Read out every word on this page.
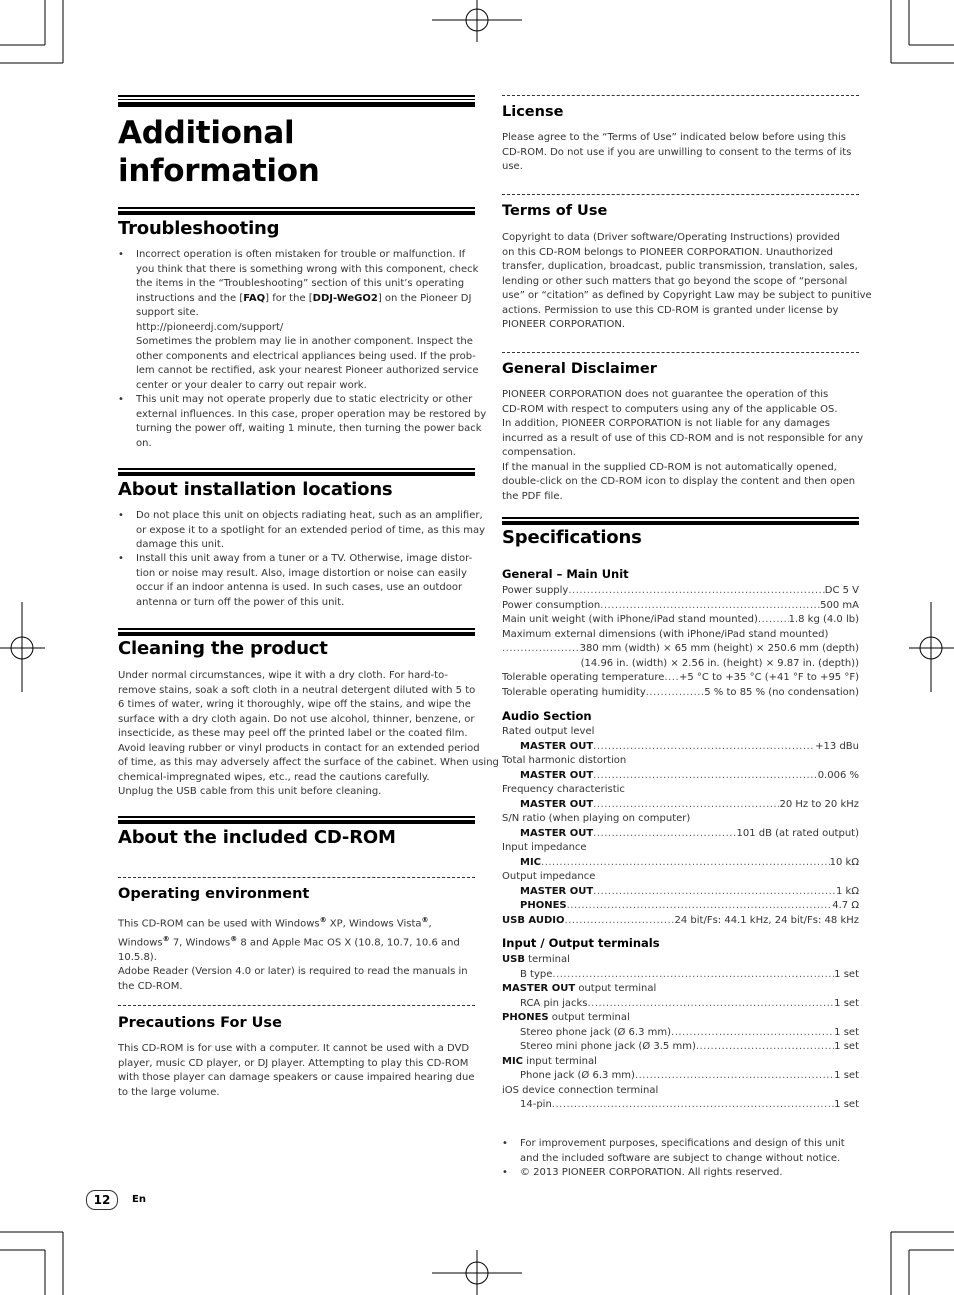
Additional
information
Troubleshooting
• Incorrect operation is often mistaken for trouble or malfunction. If
you think that there is something wrong with this component, check
the items in the “Troubleshooting” section of this unit’s operating
instructions and the [FAQ] for the [DDJ-WeGO2] on the Pioneer DJ
support site.
http://pioneerdj.com/support/
Sometimes the problem may lie in another component. Inspect the
other components and electrical appliances being used. If the prob-
lem cannot be rectified, ask your nearest Pioneer authorized service
center or your dealer to carry out repair work.
• This unit may not operate properly due to static electricity or other
external influences. In this case, proper operation may be restored by
turning the power off, waiting 1 minute, then turning the power back
on.
About installation locations
• Do not place this unit on objects radiating heat, such as an amplifier,
or expose it to a spotlight for an extended period of time, as this may
damage this unit.
• Install this unit away from a tuner or a TV. Otherwise, image distor-
tion or noise may result. Also, image distortion or noise can easily
occur if an indoor antenna is used. In such cases, use an outdoor
antenna or turn off the power of this unit.
Cleaning the product
Under normal circumstances, wipe it with a dry cloth. For hard-to-
remove stains, soak a soft cloth in a neutral detergent diluted with 5 to
6 times of water, wring it thoroughly, wipe off the stains, and wipe the
surface with a dry cloth again. Do not use alcohol, thinner, benzene, or
insecticide, as these may peel off the printed label or the coated film.
Avoid leaving rubber or vinyl products in contact for an extended period
of time, as this may adversely affect the surface of the cabinet. When using
chemical-impregnated wipes, etc., read the cautions carefully.
Unplug the USB cable from this unit before cleaning.
About the included CD-ROM
Operating environment
This CD-ROM can be used with Windows® XP, Windows Vista®,
Windows® 7, Windows® 8 and Apple Mac OS X (10.8, 10.7, 10.6 and
10.5.8).
Adobe Reader (Version 4.0 or later) is required to read the manuals in
the CD-ROM.
Precautions For Use
This CD-ROM is for use with a computer. It cannot be used with a DVD
player, music CD player, or DJ player. Attempting to play this CD-ROM
with those player can damage speakers or cause impaired hearing due
to the large volume.
License
Please agree to the “Terms of Use” indicated below before using this
CD-ROM. Do not use if you are unwilling to consent to the terms of its
use.
Terms of Use
Copyright to data (Driver software/Operating Instructions) provided
on this CD-ROM belongs to PIONEER CORPORATION. Unauthorized
transfer, duplication, broadcast, public transmission, translation, sales,
lending or other such matters that go beyond the scope of “personal
use” or “citation” as defined by Copyright Law may be subject to punitive
actions. Permission to use this CD-ROM is granted under license by
PIONEER CORPORATION.
General Disclaimer
PIONEER CORPORATION does not guarantee the operation of this
CD-ROM with respect to computers using any of the applicable OS.
In addition, PIONEER CORPORATION is not liable for any damages
incurred as a result of use of this CD-ROM and is not responsible for any
compensation.
If the manual in the supplied CD-ROM is not automatically opened,
double-click on the CD-ROM icon to display the content and then open
the PDF file.
Specifications
General – Main Unit
Power supply .....	DC 5 V
Power consumption .....	500 mA
Main unit weight (with iPhone/iPad stand mounted) .....	1.8 kg (4.0 lb)
Maximum external dimensions (with iPhone/iPad stand mounted)
.....
380 mm (width) × 65 mm (height) × 250.6 mm (depth)
(14.96 in. (width) × 2.56 in. (height) × 9.87 in. (depth))
Tolerable operating temperature ..... +5 °C to +35 °C (+41 °F to +95 °F)
Tolerable operating humidity .....	5 % to 85 % (no condensation)
Audio Section
Rated output level
MASTER OUT .....	+13 dBu
Total harmonic distortion
MASTER OUT .....	0.006 %
Frequency characteristic
MASTER OUT .....	20 Hz to 20 kHz
S/N ratio (when playing on computer)
MASTER OUT .....	101 dB (at rated output)
Input impedance
MIC .....	10 kΩ
Output impedance
MASTER OUT .....	1 kΩ
PHONES .....	4.7 Ω
USB AUDIO .....	24 bit/Fs: 44.1 kHz, 24 bit/Fs: 48 kHz
Input / Output terminals
USB terminal
B type .....	1 set
MASTER OUT output terminal
RCA pin jacks .....	1 set
PHONES output terminal
Stereo phone jack (Ø 6.3 mm) .....	1 set
Stereo mini phone jack (Ø 3.5 mm) .....	1 set
MIC input terminal
Phone jack (Ø 6.3 mm) .....	1 set
iOS device connection terminal
14-pin .....	1 set
• For improvement purposes, specifications and design of this unit
and the included software are subject to change without notice.
• © 2013 PIONEER CORPORATION. All rights reserved.
12	En
